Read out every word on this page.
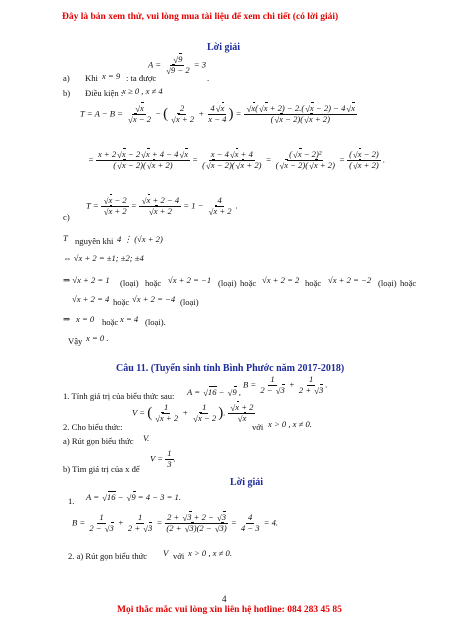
Đây là bản xem thử, vui lòng mua tài liệu để xem chi tiết (có lời giải)
Lời giải
A = √ 9
√ 9 − 2 = 3
a) Khi x = 9 : ta được	.
b) Điều kiện :
x ≥ 0 , x ≠ 4
T = A − B = √ x
√ x − 2 − ( 2
√ $x + 2 + \frac{4 √ x}{x - 4}$ ) = √ $\frac{x( √ x + 2) - 2.( √ x - 2) - 4 √ x}{( √ x - 2)( √ x + 2)}$
= $\frac{x + 2 √ x - 2 √ x + 4 - 4 √ x}{( √ x - 2)( √ x + 2)} = \frac{x - 4 √ x + 4}{( √ x - 2)( √ x + 2)} = \frac{\text{( √ x − 2)²}}{( √ x - 2)( √ x + 2)} = \frac{( √ x - 2)}{( √ x + 2)}$ .
c)
T = √ x − 2
√ x + 2 = √ x + 2 − 4
√ x + 2 = 1 − 4
√ x + 2 .
T nguyên khi 4 ⋮ (√x + 2)
⇔ √x + 2 = ±1; ±2; ±4
⇒ √x + 2 = 1 (loại) hoặc √x + 2 = −1 (loại) hoặc √x + 2 = 2 hoặc √x + 2 = −2 (loại) hoặc
√x + 2 = 4 hoặc √x + 2 = −4 (loại)
⇒ x = 0 hoặc x = 4 (loại).
Vậy x = 0 .
Câu 11. (Tuyển sinh tỉnh Bình Phước năm 2017-2018)
1. Tính giá trị của biểu thức sau: A = √ 16 − √ 9 ,
$B = \frac{1}{2 - √ 3} + \frac{1}{2 + √ 3}$ .
2. Cho biểu thức:
V = ( 1
√ x + 2 + 1
√ x − 2 ). √ x + 2
√ x
với x > 0 , x ≠ 0.
a) Rút gọn biểu thức V.
b) Tìm giá trị của x để
$V = \frac{1}{3}$ .
Lời giải
1. A = √ 16 − √ 9 = 4 − 3 = 1.
$B = \frac{1}{2 - √ 3} + \frac{1}{2 + √ 3} = \frac{2 + √ 3 + 2 - √ 3}{(2 + √ 3)(2 - √ 3)} = \frac{4}{4 - 3} = 4$.
2. a) Rút gọn biểu thức V với x > 0 , x ≠ 0.
4
Mọi thắc mắc vui lòng xin liên hệ hotline: 084 283 45 85
